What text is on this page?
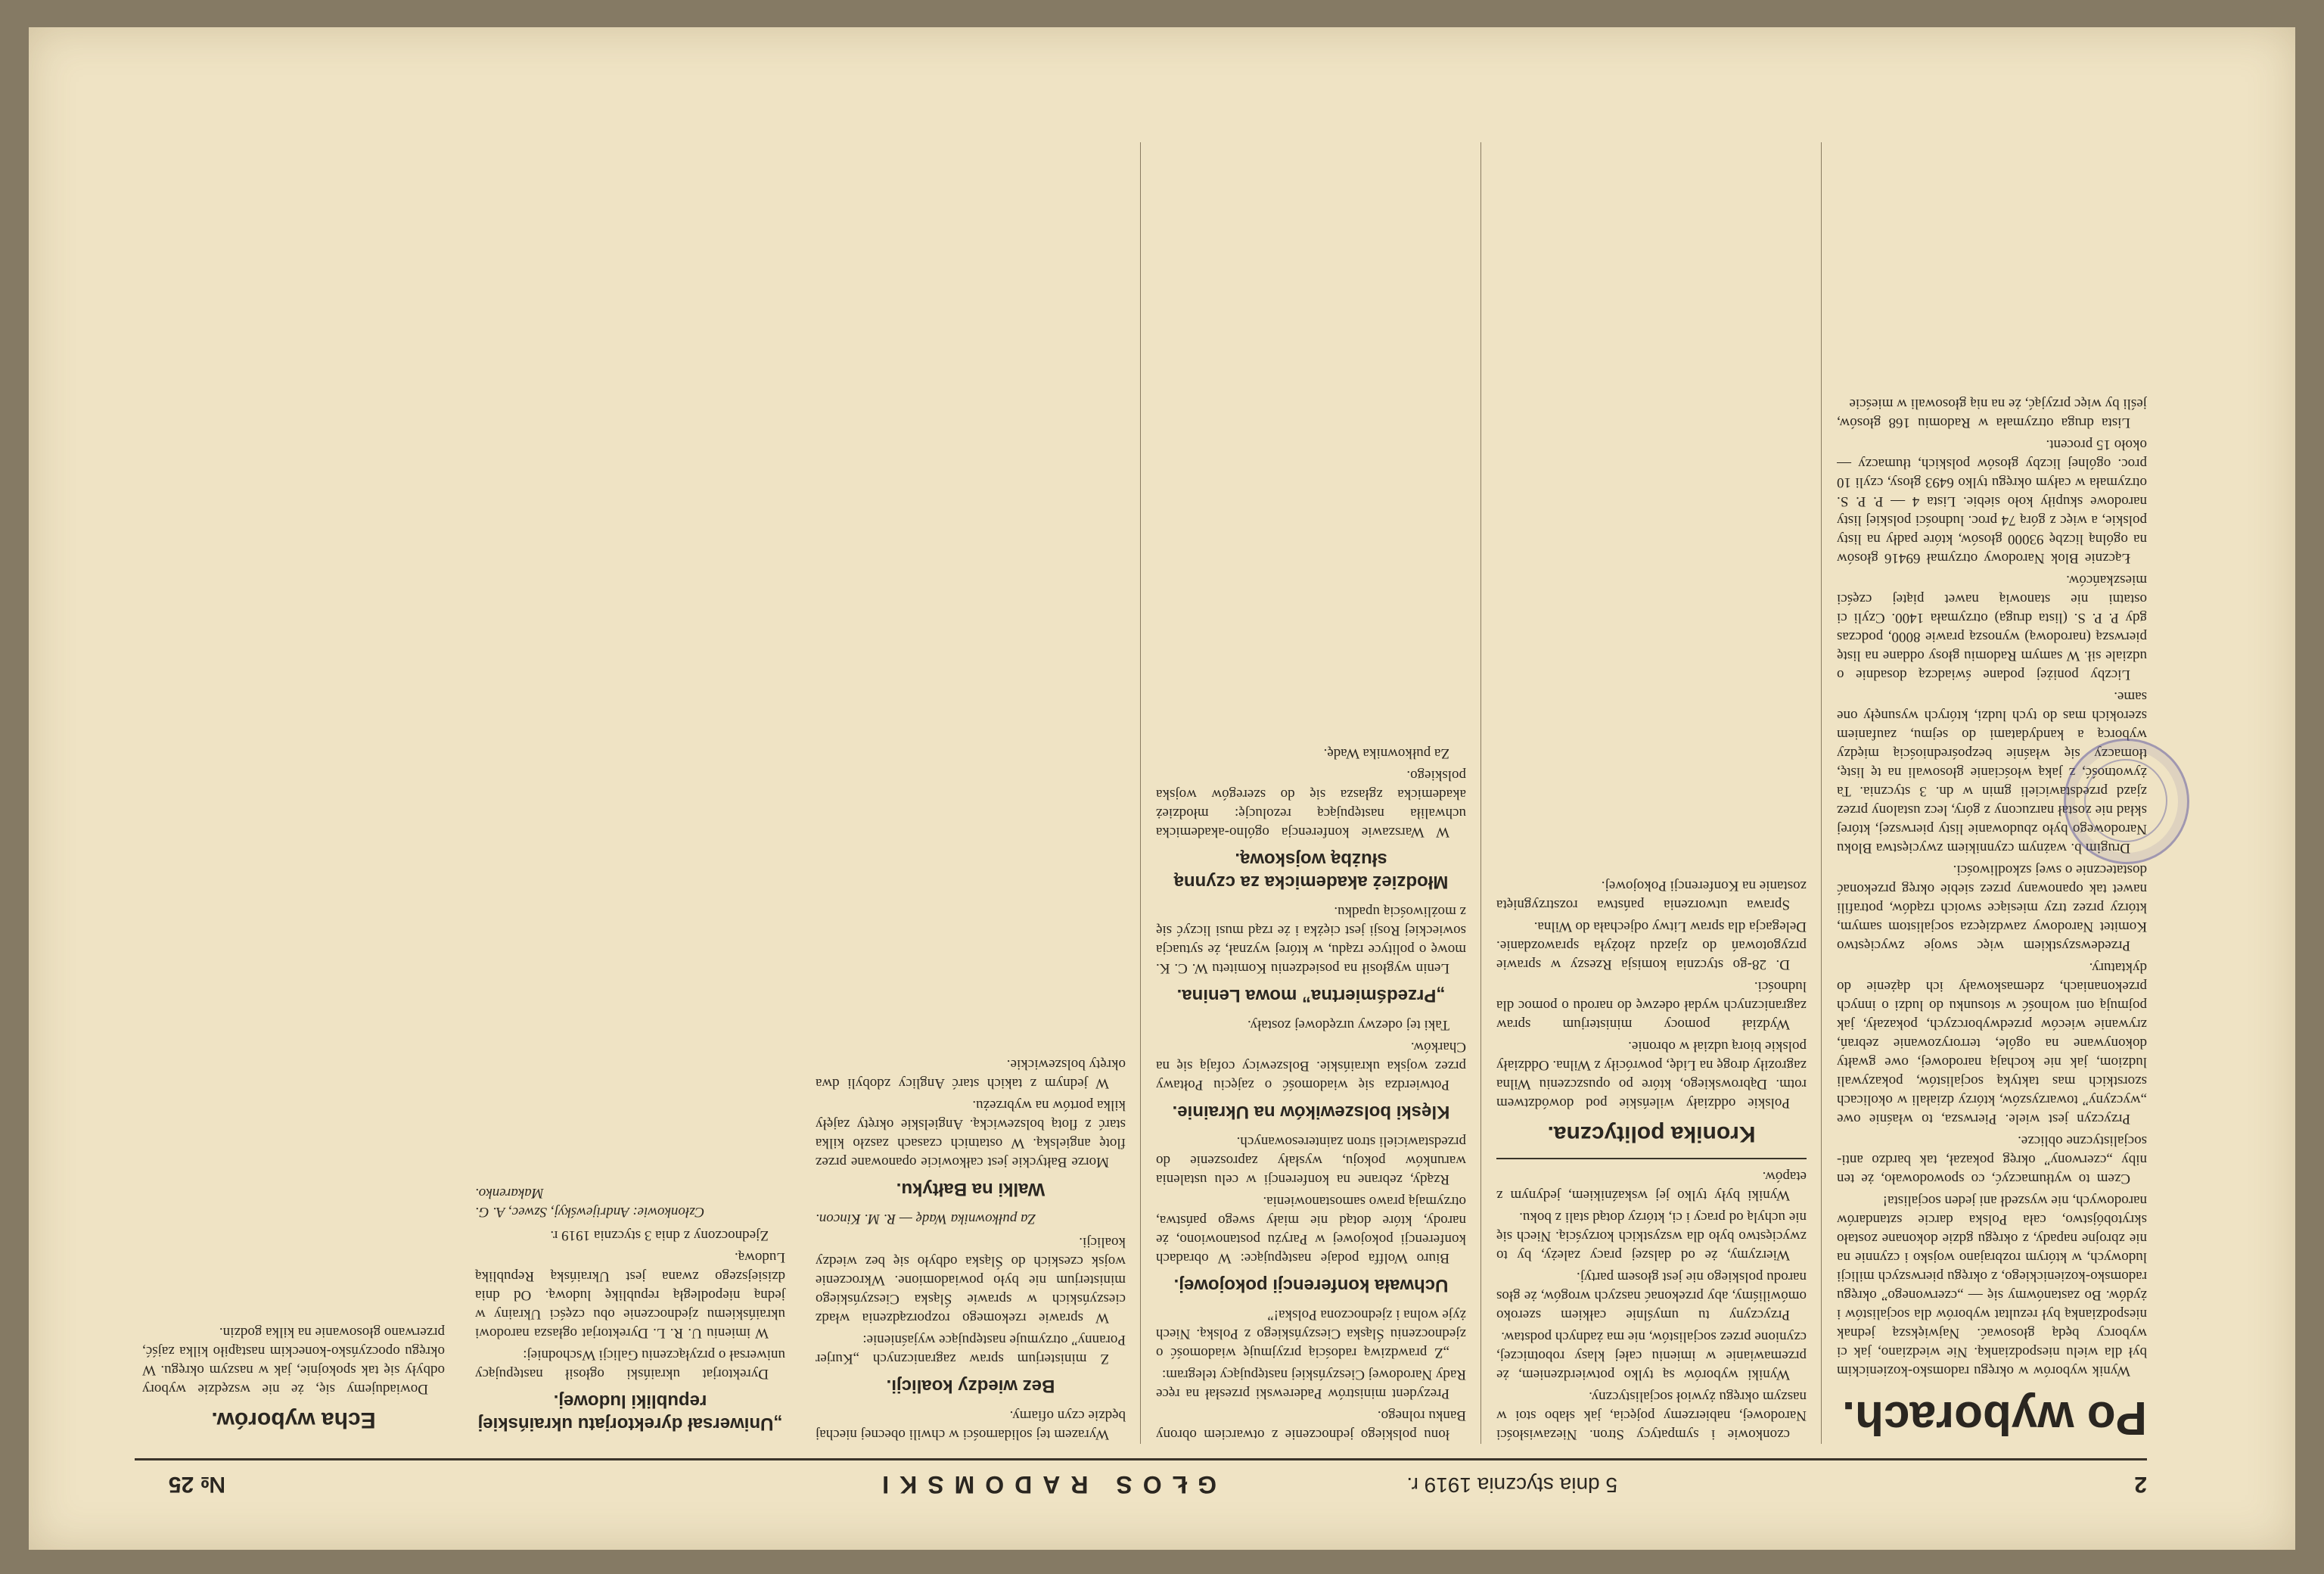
2
5 dnia stycznia 1919 r.
GŁOS RADOMSKI
№ 25
Po wyborach.

Wynik wyborów w okręgu radomsko-kozienickim był dla wielu niespodzianką. Nie wiedziano, jak ci wyborcy będą głosować. Największą jednak niespodzianką był rezultat wyborów dla socjalistów i żydów. Bo zastanówmy się — „czerwonego” okręgu radomsko-kozienickiego, z okręgu pierwszych milicji ludowych, w którym rozbrajano wojsko i czynnie na nie zbrojne napady, z okręgu gdzie dokonane zostało skrytobójstwo, cała Polska darcie sztandarów narodowych, nie wyszedł ani jeden socjalista!

Czem to wytłumaczyć, co spowodowało, że ten niby „czerwony” okręg pokazał, tak bardzo anti-socjalistyczne oblicze.

Przyczyn jest wiele. Pierwsza, to właśnie owe „wyczyny” towarzyszów, którzy działali w okolicach szorstkich mas taktyką socjalistów, pokazywali ludziom, jak nie kochają narodowej, owe gwałty dokonywane na ogóle, terroryzowanie zebrań, zrywanie wieców przedwyborczych, pokazały, jak pojmują oni wolność w stosunku do ludzi o innych przekonaniach, zdemaskowały ich dążenie do dyktatury.

Przedewszystkiem więc swoje zwycięstwo Komitet Narodowy zawdzięcza socjalistom samym, którzy przez trzy miesiące swoich rządów, potrafili nawet tak opanowany przez siebie okręg przekonać dostatecznie o swej szkodliwości.

Drugim b. ważnym czynnikiem zwycięstwa Bloku Narodowego było zbudowanie listy pierwszej, której skład nie został narzucony z góry, lecz ustalony przez zjazd przedstawicieli gmin w dn. 3 stycznia. Ta żywotność, z jaką włościanie głosowali na tę listę, tłomaczy się właśnie bezpośredniością między wyborcą a kandydatami do sejmu, zaufaniem szerokich mas do tych ludzi, których wysunęły one same.

Liczby poniżej podane świadczą dosadnie o udziale sił. W samym Radomiu głosy oddane na listę pierwszą (narodową) wynoszą prawie 8000, podczas gdy P. P. S. (lista druga) otrzymała 1400. Czyli ci ostatni nie stanowią nawet piątej części mieszkańców.

Łącznie Blok Narodowy otrzymał 69416 głosów na ogólną liczbę 93000 głosów, które padły na listy polskie, a więc z górą 74 proc. ludności polskiej listy narodowe skupiły koło siebie. Lista 4 — P. P. S. otrzymała w całym okręgu tylko 6493 głosy, czyli 10 proc. ogólnej liczby głosów polskich, tłumaczy — około 15 procent.

Lista druga otrzymała w Radomiu 168 głosów, jeśli by więc przyjąć, że na nią głosowali w mieście

czonkowie i sympatycy Stron. Niezawisłości Narodowej, nabierzemy pojęcia, jak słabo stoi w naszym okręgu żywioł socjalistyczny.

Wyniki wyborów są tylko potwierdzeniem, że przemawianie w imieniu całej klasy robotniczej, czynione przez socjalistów, nie ma żadnych podstaw.

Przyczyny tu umyślnie całkiem szeroko omówiliśmy, aby przekonać naszych wrogów, że głos narodu polskiego nie jest głosem partyj.

Wierzymy, że od dalszej pracy zależy, by to zwycięstwo było dla wszystkich korzyścią. Niech się nie uchylą od pracy i ci, którzy dotąd stali z boku.

Wyniki były tylko jej wskaźnikiem, jedynym z etapów.

Kronika polityczna.

Polskie oddziały wileńskie pod dowództwem rotm. Dąbrowskiego, które po opuszczeniu Wilna zagroziły drogę na Lidę, powróciły z Wilna. Oddziały polskie biorą udział w obronie.

Wydział pomocy ministerjum spraw zagranicznych wydał odezwę do narodu o pomoc dla ludności.

D. 28-go stycznia komisja Rzeszy w sprawie przygotowań do zjazdu złożyła sprawozdanie. Delegacja dla spraw Litwy odjechała do Wilna.

Sprawa utworzenia państwa rozstrzygnięta zostanie na Konferencji Pokojowej.

łonu polskiego jednoczenie z otwarciem obrony Banku rolnego.

Prezydent ministrów Paderewski przesłał na ręce Rady Narodowej Cieszyńskiej następujący telegram:

„Z prawdziwą radością przyjmuję wiadomość o zjednoczeniu Śląska Cieszyńskiego z Polską. Niech żyje wolna i zjednoczona Polska!”

Uchwała konferencji pokojowej.

Biuro Wolffa podaje następujące: W obradach konferencji pokojowej w Paryżu postanowiono, że narody, które dotąd nie miały swego państwa, otrzymają prawo samostanowienia.

Rządy, zebrane na konferencji w celu ustalenia warunków pokoju, wysłały zaproszenie do przedstawicieli stron zainteresowanych.

Klęski bolszewików na Ukrainie.

Potwierdza się wiadomość o zajęciu Połtawy przez wojska ukraińskie. Bolszewicy cofają się na Charków.

Taki tej odezwy urzędowej zostały.

„Przedśmiertna” mowa Lenina.

Lenin wygłosił na posiedzeniu Komitetu W. C. K. mowę o polityce rządu, w której wyznał, że sytuacja sowieckiej Rosji jest ciężka i że rząd musi liczyć się z możliwością upadku.

Młodzież akademicka za czynną służbą wojskową.

W Warszawie konferencja ogólno-akademicka uchwaliła następującą rezolucję: młodzież akademicka zgłasza się do szeregów wojska polskiego.

Za pułkownika Wadę.

Wyrazem tej solidarności w chwili obecnej niechaj będzie czyn ofiarny.

Bez wiedzy koalicji.

Z ministerjum spraw zagranicznych „Kurjer Poranny” otrzymuje następujące wyjaśnienie:

W sprawie rzekomego rozporządzenia władz cieszyńskich w sprawie Śląska Cieszyńskiego ministerjum nie było powiadomione. Wkroczenie wojsk czeskich do Śląska odbyło się bez wiedzy koalicji.

Za pułkownika Wadę — R. M. Kincon.

Walki na Bałtyku.

Morze Bałtyckie jest całkowicie opanowane przez flotę angielską. W ostatnich czasach zaszło kilka starć z flotą bolszewicką. Angielskie okręty zajęły kilka portów na wybrzeżu.

W jednym z takich starć Anglicy zdobyli dwa okręty bolszewickie.

„Uniwersał dyrektorjatu ukraińskiej republiki ludowej.

Dyrektorjat ukraiński ogłosił następujący uniwersał o przyłączeniu Galicji Wschodniej:

W imieniu U. R. L. Dyrektorjat ogłasza narodowi ukraińskiemu zjednoczenie obu części Ukrainy w jedną niepodległą republikę ludową. Od dnia dzisiejszego zwana jest Ukraińską Republiką Ludową.

Zjednoczony z dnia 3 stycznia 1919 r.

Członkowie: Andrijewśkyj, Szwec, A. G. Makarenko.

Echa wyborów.

Dowiadujemy się, że nie wszędzie wybory odbyły się tak spokojnie, jak w naszym okręgu. W okręgu opoczyńsko-koneckim nastąpiło kilka zajść, przerwano głosowanie na kilka godzin.
